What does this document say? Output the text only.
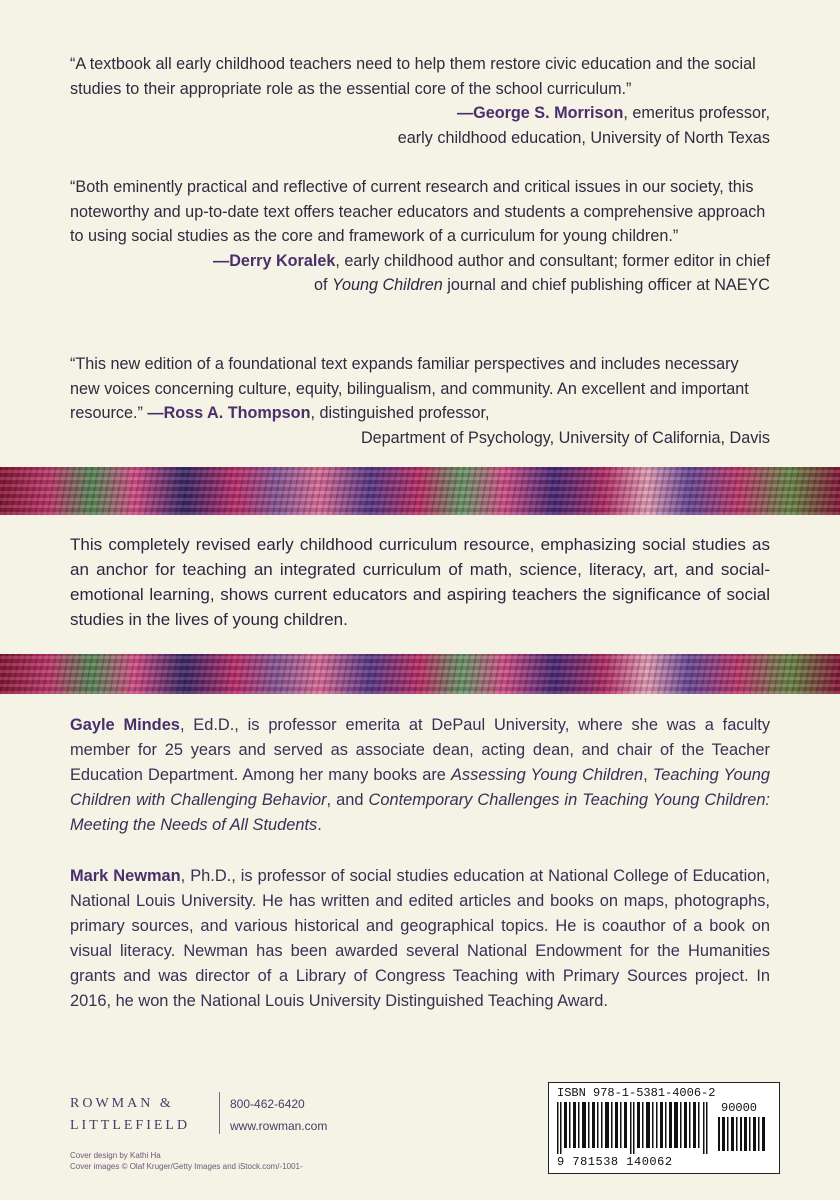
“A textbook all early childhood teachers need to help them restore civic education and the social studies to their appropriate role as the essential core of the school curriculum.”

—George S. Morrison, emeritus professor,
early childhood education, University of North Texas

“Both eminently practical and reflective of current research and critical issues in our society, this noteworthy and up-to-date text offers teacher educators and students a comprehensive approach to using social studies as the core and framework of a curriculum for young children.”

—Derry Koralek, early childhood author and consultant; former editor in chief
of Young Children journal and chief publishing officer at NAEYC

“This new edition of a foundational text expands familiar perspectives and includes necessary new voices concerning culture, equity, bilingualism, and community. An excellent and important resource.” —Ross A. Thompson, distinguished professor,

Department of Psychology, University of California, Davis

This completely revised early childhood curriculum resource, emphasizing social studies as an anchor for teaching an integrated curriculum of math, science, literacy, art, and social-emotional learning, shows current educators and aspiring teachers the significance of social studies in the lives of young children.
Gayle Mindes, Ed.D., is professor emerita at DePaul University, where she was a faculty member for 25 years and served as associate dean, acting dean, and chair of the Teacher Education Department. Among her many books are Assessing Young Children, Teaching Young Children with Challenging Behavior, and Contemporary Challenges in Teaching Young Children: Meeting the Needs of All Students.
Mark Newman, Ph.D., is professor of social studies education at National College of Education, National Louis University. He has written and edited articles and books on maps, photographs, primary sources, and various historical and geographical topics. He is coauthor of a book on visual literacy. Newman has been awarded several National Endowment for the Humanities grants and was director of a Library of Congress Teaching with Primary Sources project. In 2016, he won the National Louis University Distinguished Teaching Award.
ROWMAN &
LITTLEFIELD
800-462-6420
www.rowman.com
Cover design by Kathi Ha
Cover images © Olaf Kruger/Getty Images and iStock.com/-1001-
ISBN 978-1-5381-4006-2
90000
9 781538 140062
